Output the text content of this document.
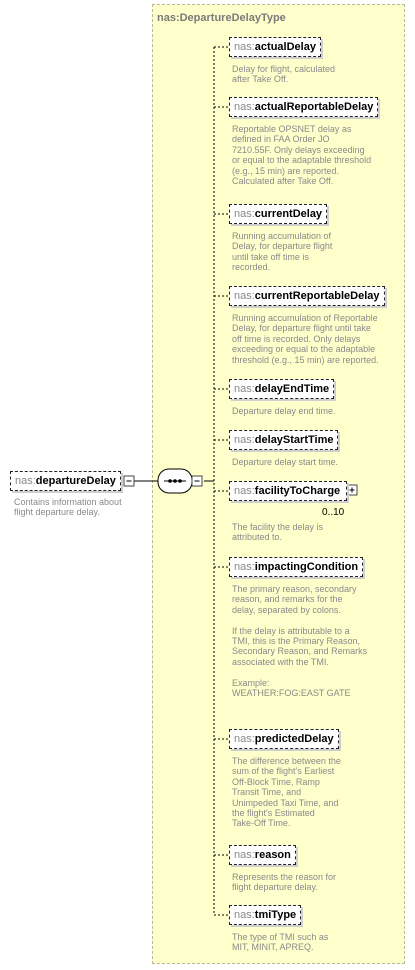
nas:DepartureDelayType
nas:departureDelay
Contains information about
flight departure delay.
nas:actualDelay
Delay for flight, calculated
after Take Off.
nas:actualReportableDelay
Reportable OPSNET delay as
defined in FAA Order JO
7210.55F. Only delays exceeding
or equal to the adaptable threshold
(e.g., 15 min) are reported.
Calculated after Take Off.
nas:currentDelay
Running accumulation of
Delay, for departure flight
until take off time is
recorded.
nas:currentReportableDelay
Running accumulation of Reportable
Delay, for departure flight until take
off time is recorded. Only delays
exceeding or equal to the adaptable
threshold (e.g., 15 min) are reported.
nas:delayEndTime
Departure delay end time.
nas:delayStartTime
Departure delay start time.
nas:facilityToCharge
0..10
The facility the delay is
attributed to.
nas:impactingCondition
The primary reason, secondary
reason, and remarks for the
delay, separated by colons.

If the delay is attributable to a
TMI, this is the Primary Reason,
Secondary Reason, and Remarks
associated with the TMI.

Example:
WEATHER:FOG:EAST GATE
nas:predictedDelay
The difference between the
sum of the flight's Earliest
Off-Block Time, Ramp
Transit Time, and
Unimpeded Taxi Time, and
the flight's Estimated
Take-Off Time.
nas:reason
Represents the reason for
flight departure delay.
nas:tmiType
The type of TMI such as
MIT, MINIT, APREQ.
